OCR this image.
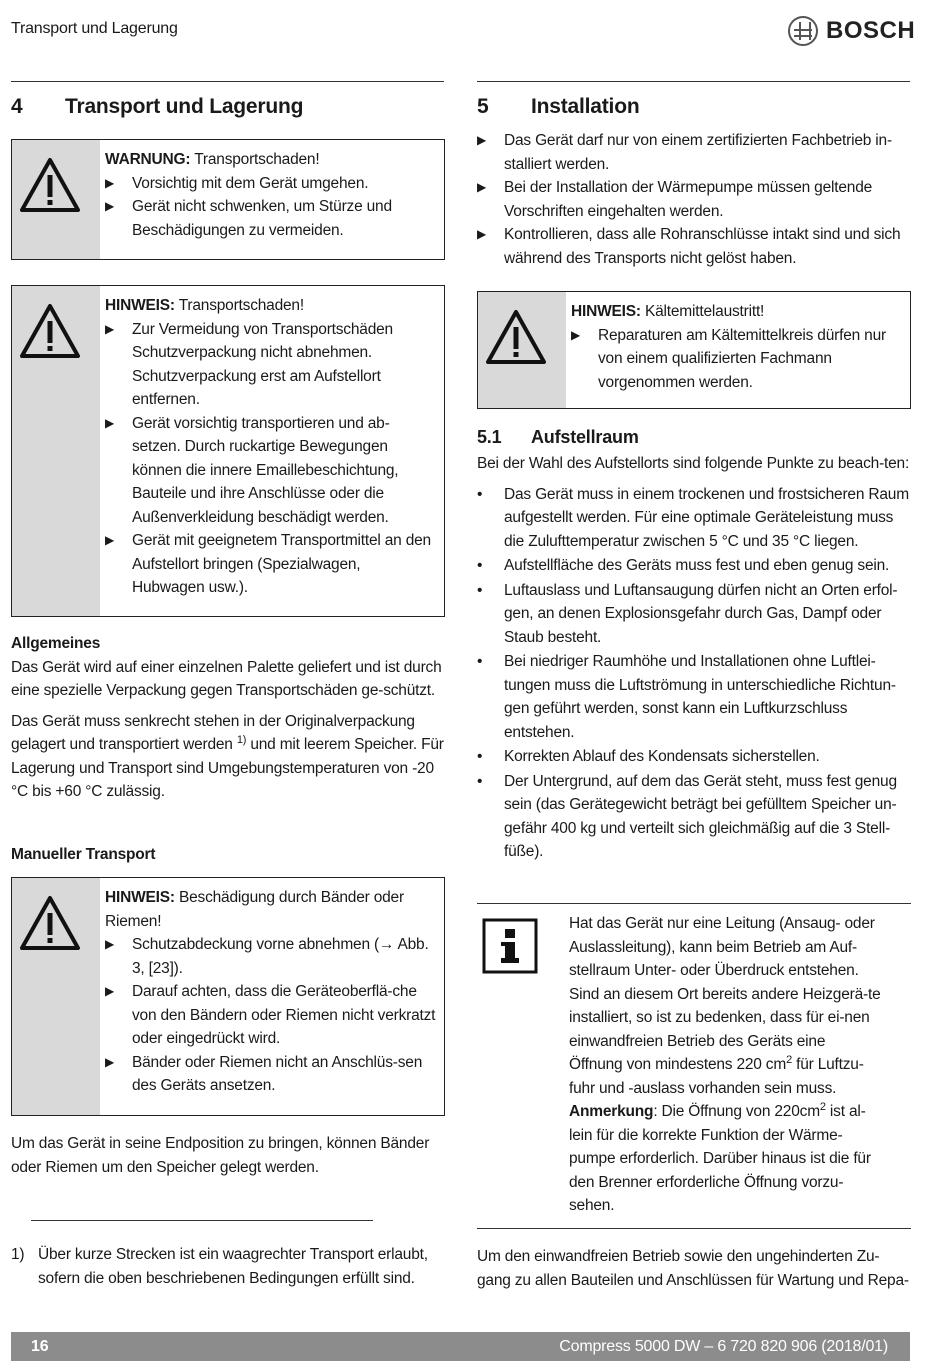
Transport und Lagerung	BOSCH
4	Transport und Lagerung
WARNUNG: Transportschaden!
▶ Vorsichtig mit dem Gerät umgehen.
▶ Gerät nicht schwenken, um Stürze und Beschädigungen zu vermeiden.
HINWEIS: Transportschaden!
▶ Zur Vermeidung von Transportschäden Schutzverpackung nicht abnehmen. Schutzverpackung erst am Aufstellort entfernen.
▶ Gerät vorsichtig transportieren und ab-setzen. Durch ruckartige Bewegungen können die innere Emaillebeschichtung, Bauteile und ihre Anschlüsse oder die Außenverkleidung beschädigt werden.
▶ Gerät mit geeignetem Transportmittel an den Aufstellort bringen (Spezialwagen, Hubwagen usw.).
Allgemeines

Das Gerät wird auf einer einzelnen Palette geliefert und ist durch eine spezielle Verpackung gegen Transportschäden ge-schützt.

Das Gerät muss senkrecht stehen in der Originalverpackung gelagert und transportiert werden $^{1)}$ und mit leerem Speicher. Für Lagerung und Transport sind Umgebungstemperaturen von -20 °C bis +60 °C zulässig.

Manueller Transport
HINWEIS: Beschädigung durch Bänder oder Riemen!
▶ Schutzabdeckung vorne abnehmen (→ Abb. 3, [23]).
▶ Darauf achten, dass die Geräteoberflä-che von den Bändern oder Riemen nicht verkratzt oder eingedrückt wird.
▶ Bänder oder Riemen nicht an Anschlüs-sen des Geräts ansetzen.

Um das Gerät in seine Endposition zu bringen, können Bänder oder Riemen um den Speicher gelegt werden.

1) Über kurze Strecken ist ein waagrechter Transport erlaubt, sofern die oben beschriebenen Bedingungen erfüllt sind.
5	Installation
▶ Das Gerät darf nur von einem zertifizierten Fachbetrieb in-stalliert werden.
▶ Bei der Installation der Wärmepumpe müssen geltende Vorschriften eingehalten werden.
▶ Kontrollieren, dass alle Rohranschlüsse intakt sind und sich während des Transports nicht gelöst haben.
HINWEIS: Kältemittelaustritt!
▶ Reparaturen am Kältemittelkreis dürfen nur von einem qualifizierten Fachmann vorgenommen werden.
5.1	Aufstellraum

Bei der Wahl des Aufstellorts sind folgende Punkte zu beach-ten:

• Das Gerät muss in einem trockenen und frostsicheren Raum aufgestellt werden. Für eine optimale Geräteleistung muss die Zulufttemperatur zwischen 5 °C und 35 °C liegen.
• Aufstellfläche des Geräts muss fest und eben genug sein.
• Luftauslass und Luftansaugung dürfen nicht an Orten erfol-gen, an denen Explosionsgefahr durch Gas, Dampf oder Staub besteht.
• Bei niedriger Raumhöhe und Installationen ohne Luftlei-tungen muss die Luftströmung in unterschiedliche Richtun-gen geführt werden, sonst kann ein Luftkurzschluss entstehen.
• Korrekten Ablauf des Kondensats sicherstellen.
• Der Untergrund, auf dem das Gerät steht, muss fest genug sein (das Gerätegewicht beträgt bei gefülltem Speicher un-gefähr 400 kg und verteilt sich gleichmäßig auf die 3 Stell-füße).

Hat das Gerät nur eine Leitung (Ansaug- oder Auslassleitung), kann beim Betrieb am Auf-stellraum Unter- oder Überdruck entstehen. Sind an diesem Ort bereits andere Heizgerä-te installiert, so ist zu bedenken, dass für ei-nen einwandfreien Betrieb des Geräts eine Öffnung von mindestens 220 $cm^2$ für Luftzu-fuhr und -auslass vorhanden sein muss.

Anmerkung: Die Öffnung von $220cm^2$ ist al-lein für die korrekte Funktion der Wärme-pumpe erforderlich. Darüber hinaus ist die für den Brenner erforderliche Öffnung vorzu-sehen.

Um den einwandfreien Betrieb sowie den ungehinderten Zu-gang zu allen Bauteilen und Anschlüssen für Wartung und Repa-

16	Compress 5000 DW – 6 720 820 906 (2018/01)
